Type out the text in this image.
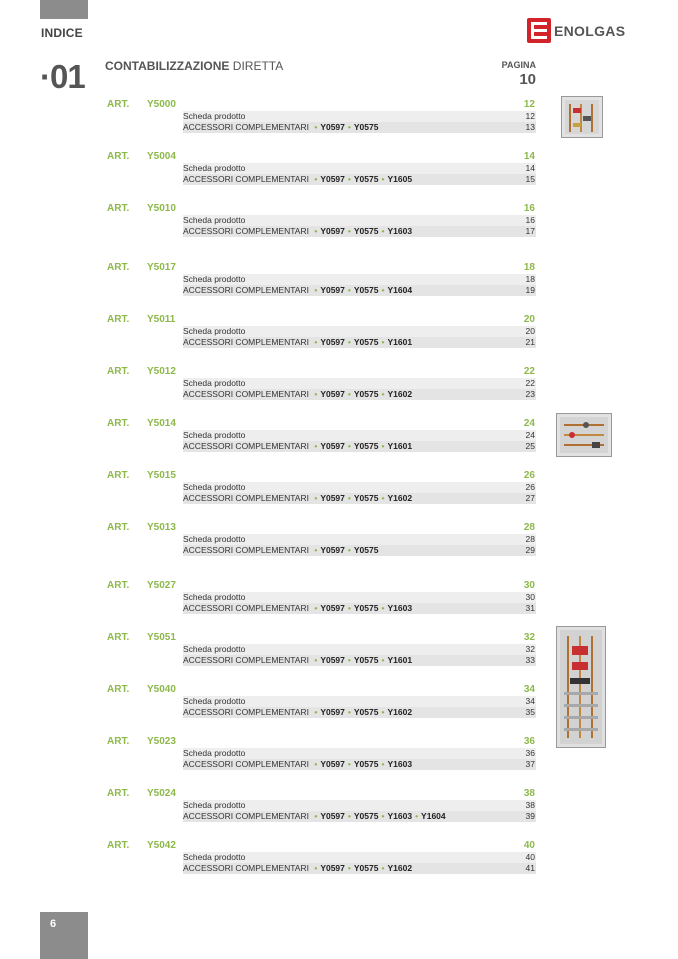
INDICE	ENOLGAS
·01 CONTABILIZZAZIONE DIRETTA	PAGINA
10
ART. Y5000	12
Scheda prodotto	12
ACCESSORI COMPLEMENTARI • Y0597 • Y0575	13
ART. Y5004	14
Scheda prodotto	14
ACCESSORI COMPLEMENTARI • Y0597 • Y0575 • Y1605	15
ART. Y5010	16
Scheda prodotto	16
ACCESSORI COMPLEMENTARI • Y0597 • Y0575 • Y1603	17
ART. Y5017	18
Scheda prodotto	18
ACCESSORI COMPLEMENTARI • Y0597 • Y0575 • Y1604	19
ART. Y5011	20
Scheda prodotto	20
ACCESSORI COMPLEMENTARI • Y0597 • Y0575 • Y1601	21
ART. Y5012	22
Scheda prodotto	22
ACCESSORI COMPLEMENTARI • Y0597 • Y0575 • Y1602	23
ART. Y5014	24
Scheda prodotto	24
ACCESSORI COMPLEMENTARI • Y0597 • Y0575 • Y1601	25
ART. Y5015	26
Scheda prodotto	26
ACCESSORI COMPLEMENTARI • Y0597 • Y0575 • Y1602	27
ART. Y5013	28
Scheda prodotto	28
ACCESSORI COMPLEMENTARI • Y0597 • Y0575	29
ART. Y5027	30
Scheda prodotto	30
ACCESSORI COMPLEMENTARI • Y0597 • Y0575 • Y1603	31
ART. Y5051	32
Scheda prodotto	32
ACCESSORI COMPLEMENTARI • Y0597 • Y0575 • Y1601	33
ART. Y5040	34
Scheda prodotto	34
ACCESSORI COMPLEMENTARI • Y0597 • Y0575 • Y1602	35
ART. Y5023	36
Scheda prodotto	36
ACCESSORI COMPLEMENTARI • Y0597 • Y0575 • Y1603	37
ART. Y5024	38
Scheda prodotto	38
ACCESSORI COMPLEMENTARI • Y0597 • Y0575 • Y1603 • Y1604	39
ART. Y5042	40
Scheda prodotto	40
ACCESSORI COMPLEMENTARI • Y0597 • Y0575 • Y1602	41
6
